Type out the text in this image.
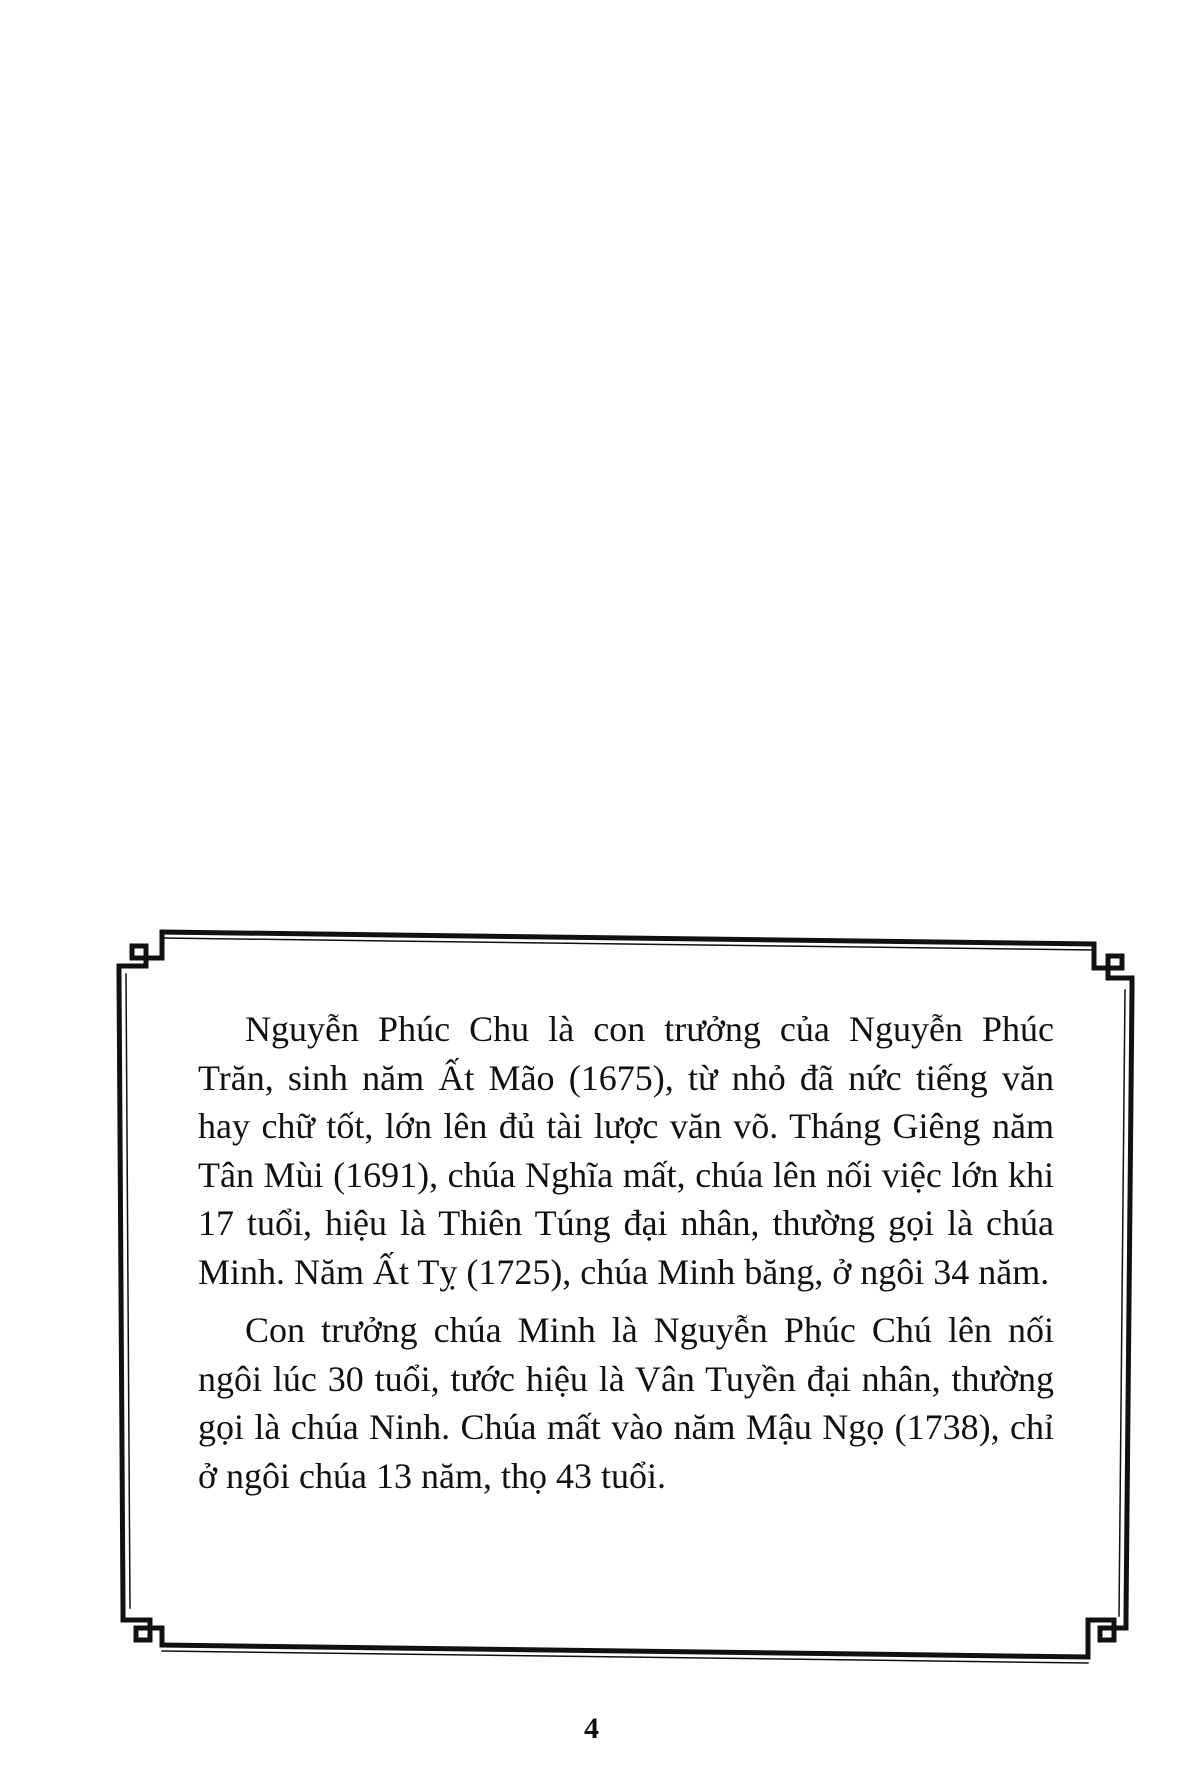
Nguyễn Phúc Chu là con trưởng của Nguyễn Phúc Trăn, sinh năm Ất Mão (1675), từ nhỏ đã nức tiếng văn hay chữ tốt, lớn lên đủ tài lược văn võ. Tháng Giêng năm Tân Mùi (1691), chúa Nghĩa mất, chúa lên nối việc lớn khi 17 tuổi, hiệu là Thiên Túng đại nhân, thường gọi là chúa Minh. Năm Ất Tỵ (1725), chúa Minh băng, ở ngôi 34 năm.

Con trưởng chúa Minh là Nguyễn Phúc Chú lên nối ngôi lúc 30 tuổi, tước hiệu là Vân Tuyền đại nhân, thường gọi là chúa Ninh. Chúa mất vào năm Mậu Ngọ (1738), chỉ ở ngôi chúa 13 năm, thọ 43 tuổi.

4
